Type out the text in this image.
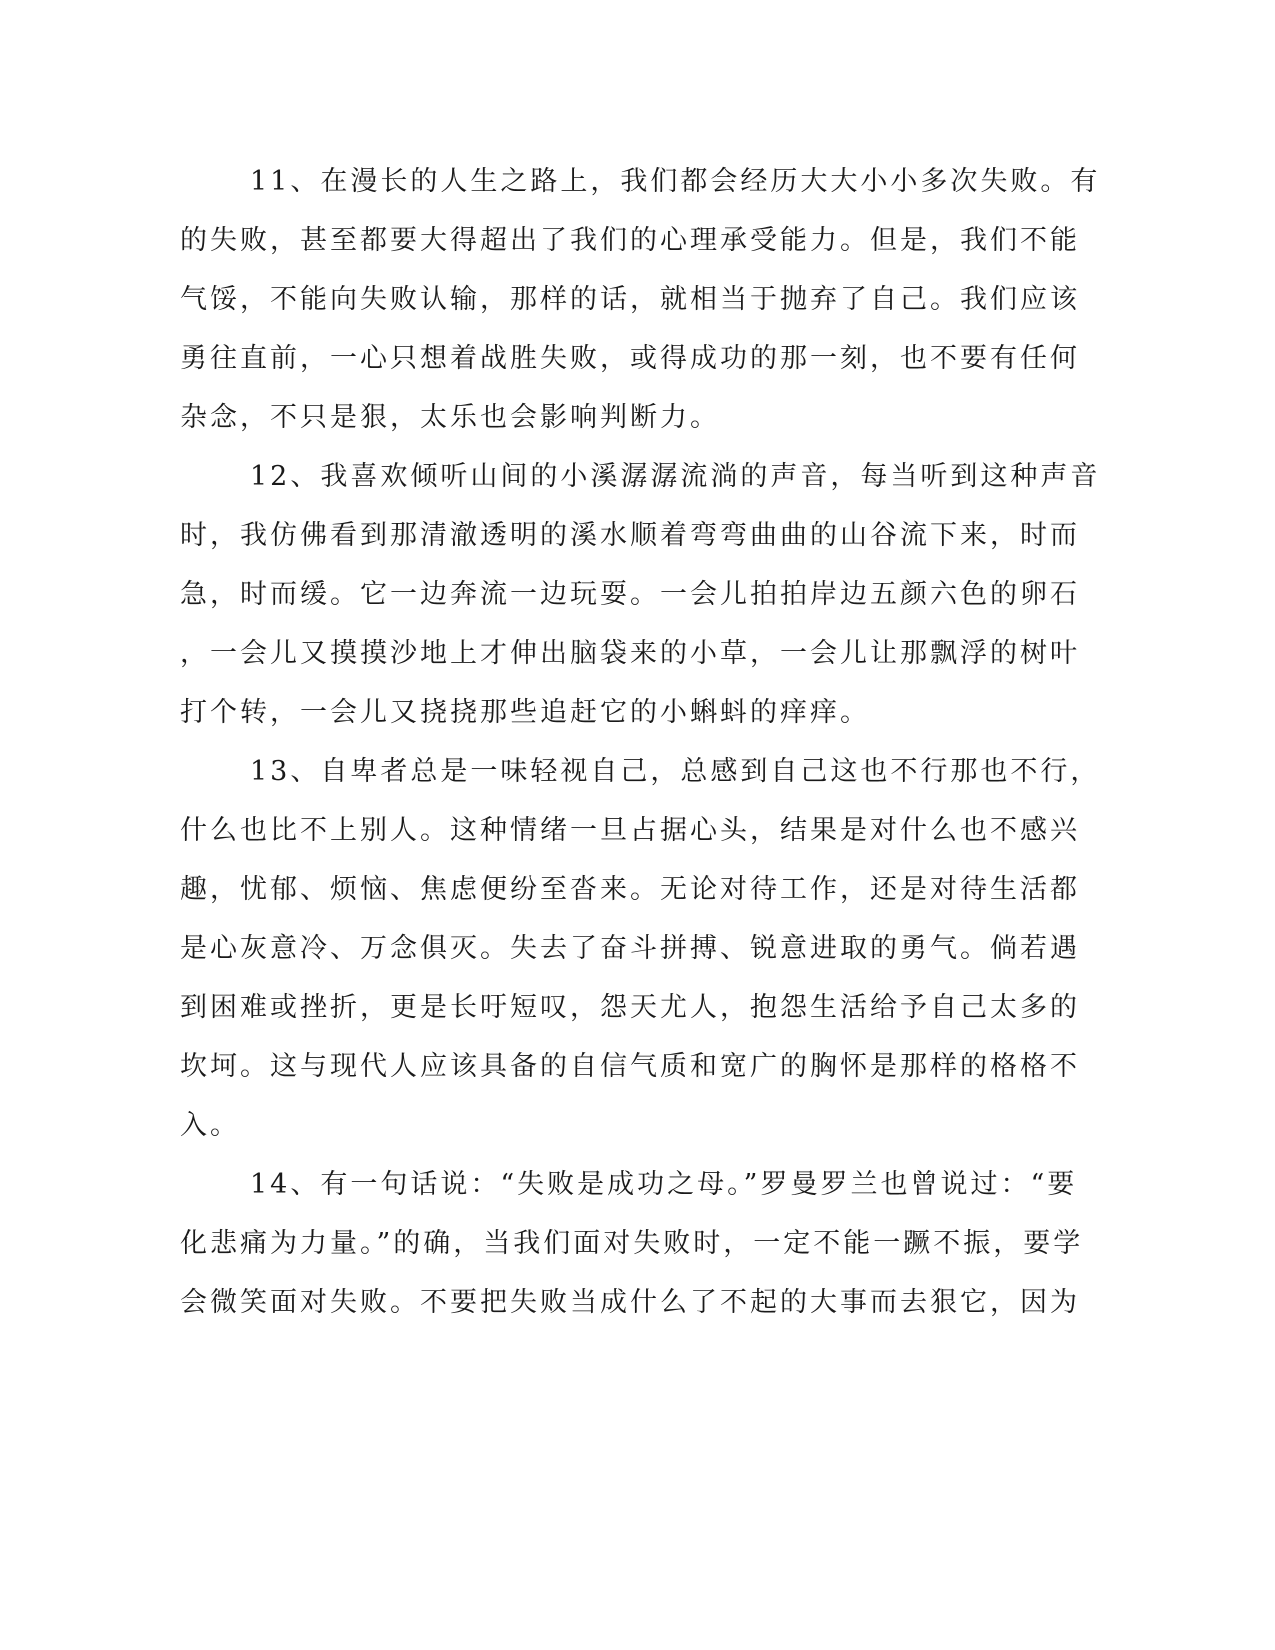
11、在漫长的人生之路上，我们都会经历大大小小多次失败。有
的失败，甚至都要大得超出了我们的心理承受能力。但是，我们不能
气馁，不能向失败认输，那样的话，就相当于抛弃了自己。我们应该
勇往直前，一心只想着战胜失败，或得成功的那一刻，也不要有任何
杂念，不只是狠，太乐也会影响判断力。

12、我喜欢倾听山间的小溪潺潺流淌的声音，每当听到这种声音
时，我仿佛看到那清澈透明的溪水顺着弯弯曲曲的山谷流下来，时而
急，时而缓。它一边奔流一边玩耍。一会儿拍拍岸边五颜六色的卵石
，一会儿又摸摸沙地上才伸出脑袋来的小草，一会儿让那飘浮的树叶
打个转，一会儿又挠挠那些追赶它的小蝌蚪的痒痒。

13、自卑者总是一味轻视自己，总感到自己这也不行那也不行，
什么也比不上别人。这种情绪一旦占据心头，结果是对什么也不感兴
趣，忧郁、烦恼、焦虑便纷至沓来。无论对待工作，还是对待生活都
是心灰意冷、万念俱灭。失去了奋斗拼搏、锐意进取的勇气。倘若遇
到困难或挫折，更是长吁短叹，怨天尤人，抱怨生活给予自己太多的
坎坷。这与现代人应该具备的自信气质和宽广的胸怀是那样的格格不
入。

14、有一句话说：“失败是成功之母。”罗曼罗兰也曾说过：“要
化悲痛为力量。”的确，当我们面对失败时，一定不能一蹶不振，要学
会微笑面对失败。不要把失败当成什么了不起的大事而去狠它，因为
